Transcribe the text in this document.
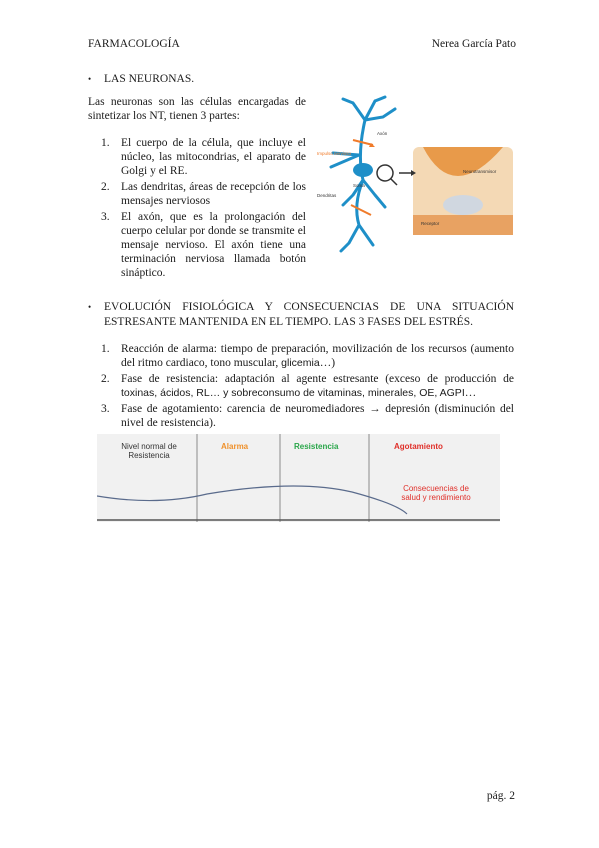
FARMACOLOGÍA	Nerea García Pato
• LAS NEURONAS.
Las neuronas son las células encargadas de sintetizar los NT, tienen 3 partes:
1. El cuerpo de la célula, que incluye el núcleo, las mitocondrias, el aparato de Golgi y el RE.
2. Las dendritas, áreas de recepción de los mensajes nerviosos
3. El axón, que es la prolongación del cuerpo celular por donde se transmite el mensaje nervioso. El axón tiene una terminación nerviosa llamada botón sináptico.
Impulso nervioso
Axón
Soma
Dendritas
Neurotransmisor
Receptor
• EVOLUCIÓN FISIOLÓGICA Y CONSECUENCIAS DE UNA SITUACIÓN ESTRESANTE MANTENIDA EN EL TIEMPO. LAS 3 FASES DEL ESTRÉS.
1. Reacción de alarma: tiempo de preparación, movilización de los recursos (aumento del ritmo cardiaco, tono muscular, glicemia…)
2. Fase de resistencia: adaptación al agente estresante (exceso de producción de toxinas, ácidos, RL… y sobreconsumo de vitaminas, minerales, OE, AGPI…
3. Fase de agotamiento: carencia de neuromediadores → depresión (disminución del nivel de resistencia).
Nivel normal de Resistencia
Alarma	Resistencia	Agotamiento
Consecuencias de salud y rendimiento
pág. 2
